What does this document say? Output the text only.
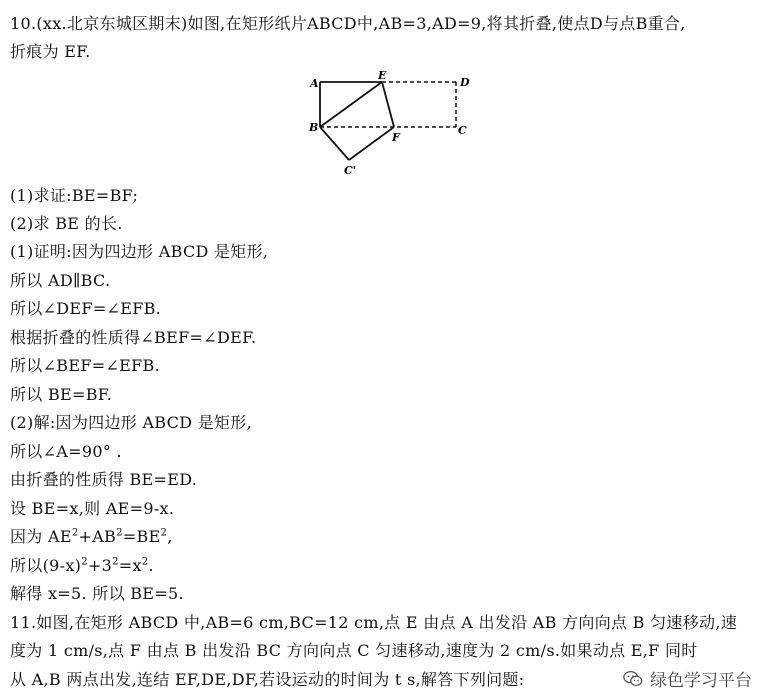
10.(xx.北京东城区期末)如图,在矩形纸片ABCD中,AB=3,AD=9,将其折叠,使点D与点B重合,
折痕为 EF.
A
E
D
B
F
C
C'
(1)求证:BE=BF;
(2)求 BE 的长.
(1)证明:因为四边形 ABCD 是矩形,
所以 AD∥BC.
所以∠DEF=∠EFB.
根据折叠的性质得∠BEF=∠DEF.
所以∠BEF=∠EFB.
所以 BE=BF.
(2)解:因为四边形 ABCD 是矩形,
所以∠A=90° .
由折叠的性质得 BE=ED.
设 BE=x,则 AE=9-x.
因为 $AE^2+AB^2=BE^2$,
所以$(9-x)^2+3^2=x^2$.
解得 x=5. 所以 BE=5.
11.如图,在矩形 ABCD 中,AB=6 cm,BC=12 cm,点 E 由点 A 出发沿 AB 方向向点 B 匀速移动,速
度为 1 cm/s,点 F 由点 B 出发沿 BC 方向向点 C 匀速移动,速度为 2 cm/s.如果动点 E,F 同时
从 A,B 两点出发,连结 EF,DE,DF,若设运动的时间为 t s,解答下列问题:	绿色学习平台
